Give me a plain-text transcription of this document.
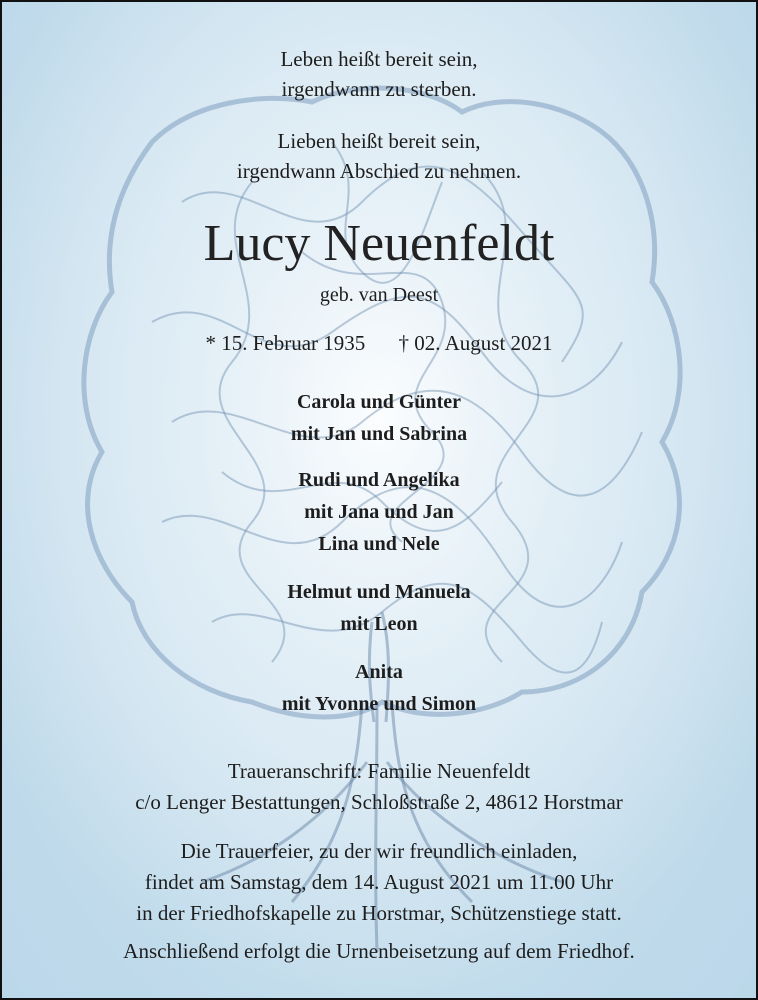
Leben heißt bereit sein,

irgendwann zu sterben.

Lieben heißt bereit sein,

irgendwann Abschied zu nehmen.

Lucy Neuenfeldt
geb. van Deest
* 15. Februar 1935 † 02. August 2021

Carola und Günter

mit Jan und Sabrina

Rudi und Angelika

mit Jana und Jan

Lina und Nele

Helmut und Manuela

mit Leon

Anita

mit Yvonne und Simon

Traueranschrift: Familie Neuenfeldt

c/o Lenger Bestattungen, Schloßstraße 2, 48612 Horstmar

Die Trauerfeier, zu der wir freundlich einladen,

findet am Samstag, dem 14. August 2021 um 11.00 Uhr

in der Friedhofskapelle zu Horstmar, Schützenstiege statt.

Anschließend erfolgt die Urnenbeisetzung auf dem Friedhof.
